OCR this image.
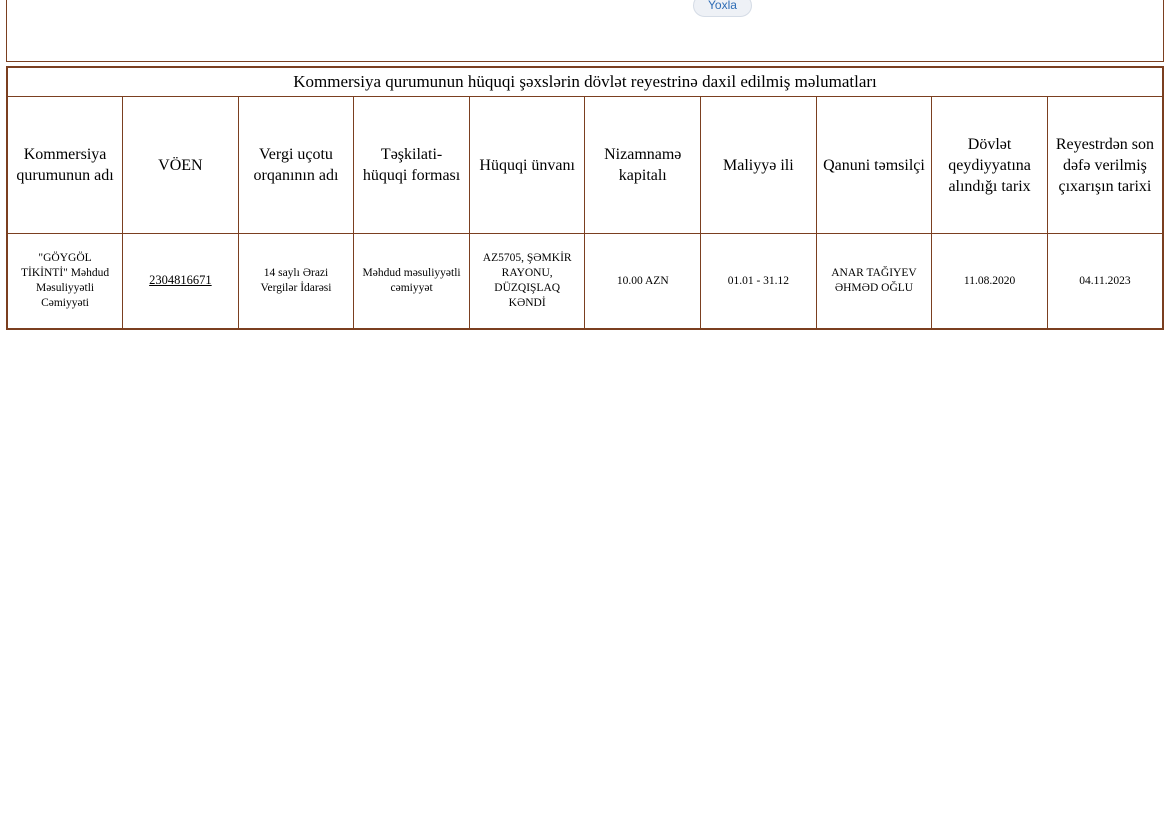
Yoxla
Kommersiya qurumunun hüquqi şəxslərin dövlət reyestrinə daxil edilmiş məlumatları									
Kommersiya qurumunun adı	VÖEN	Vergi uçotu orqanının adı	Təşkilati-hüquqi forması	Hüquqi ünvanı	Nizamnamə kapitalı	Maliyyə ili	Qanuni təmsilçi	Dövlət qeydiyyatına alındığı tarix	Reyestrdən son dəfə verilmiş çıxarışın tarixi
"GÖYGÖL TİKİNTİ" Məhdud Məsuliyyətli Cəmiyyəti	2304816671	14 saylı Ərazi Vergilər İdarəsi	Məhdud məsuliyyətli cəmiyyət	AZ5705, ŞƏMKİR RAYONU, DÜZQIŞLAQ KƏNDİ	10.00 AZN	01.01 - 31.12	ANAR TAĞIYEV ƏHMƏD OĞLU	11.08.2020	04.11.2023
